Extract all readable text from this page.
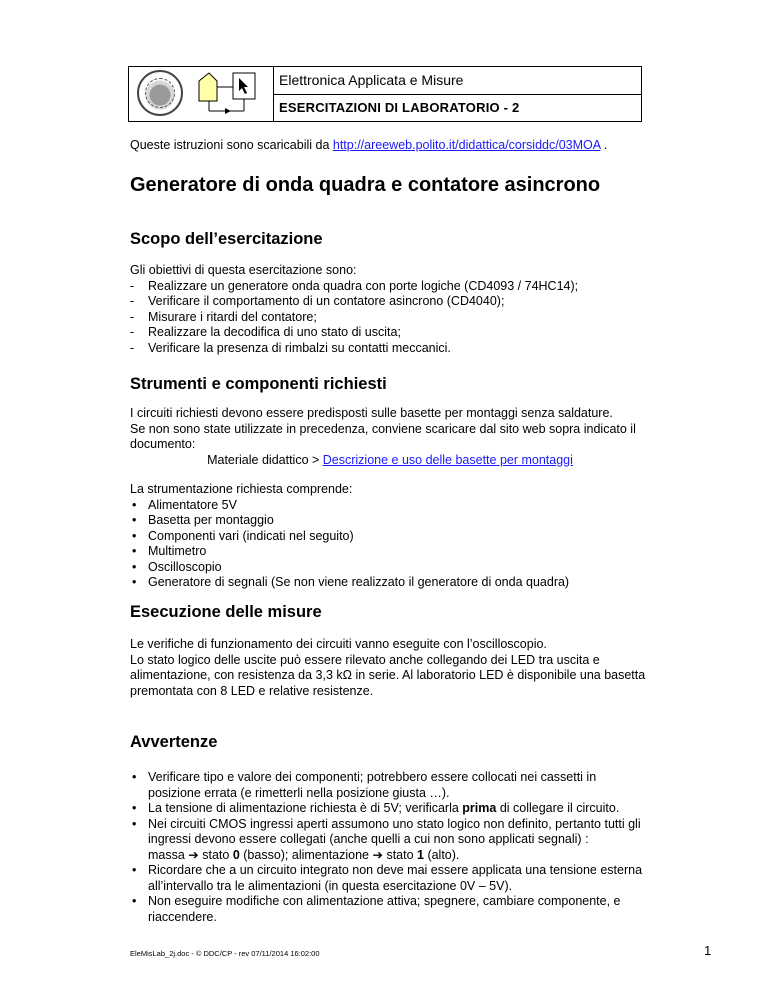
Elettronica Applicata e Misure
ESERCITAZIONI DI LABORATORIO - 2
Queste istruzioni sono scaricabili da http://areeweb.polito.it/didattica/corsiddc/03MOA .
Generatore di onda quadra e contatore asincrono
Scopo dell’esercitazione
Gli obiettivi di questa esercitazione sono:
- Realizzare un generatore onda quadra con porte logiche (CD4093 / 74HC14);
- Verificare il comportamento di un contatore asincrono (CD4040);
- Misurare i ritardi del contatore;
- Realizzare la decodifica di uno stato di uscita;
- Verificare la presenza di rimbalzi su contatti meccanici.
Strumenti e componenti richiesti
I circuiti richiesti devono essere predisposti sulle basette per montaggi senza saldature.
Se non sono state utilizzate in precedenza, conviene scaricare dal sito web sopra indicato il documento:
Materiale didattico > Descrizione e uso delle basette per montaggi
La strumentazione richiesta comprende:
• Alimentatore 5V
• Basetta per montaggio
• Componenti vari (indicati nel seguito)
• Multimetro
• Oscilloscopio
• Generatore di segnali (Se non viene realizzato il generatore di onda quadra)
Esecuzione delle misure
Le verifiche di funzionamento dei circuiti vanno eseguite con l’oscilloscopio.
Lo stato logico delle uscite può essere rilevato anche collegando dei LED tra uscita e alimentazione, con resistenza da 3,3 kΩ in serie. Al laboratorio LED è disponibile una basetta premontata con 8 LED e relative resistenze.
Avvertenze
• Verificare tipo e valore dei componenti; potrebbero essere collocati nei cassetti in posizione errata (e rimetterli nella posizione giusta …).
• La tensione di alimentazione richiesta è di 5V; verificarla prima di collegare il circuito.
• Nei circuiti CMOS ingressi aperti assumono uno stato logico non definito, pertanto tutti gli ingressi devono essere collegati (anche quelli a cui non sono applicati segnali) :
massa ➔ stato 0 (basso); alimentazione ➔ stato 1 (alto).
• Ricordare che a un circuito integrato non deve mai essere applicata una tensione esterna all’intervallo tra le alimentazioni (in questa esercitazione 0V – 5V).
• Non eseguire modifiche con alimentazione attiva; spegnere, cambiare componente, e riaccendere.
EleMisLab_2j.doc - © DDC/CP - rev 07/11/2014 16:02:00	1
